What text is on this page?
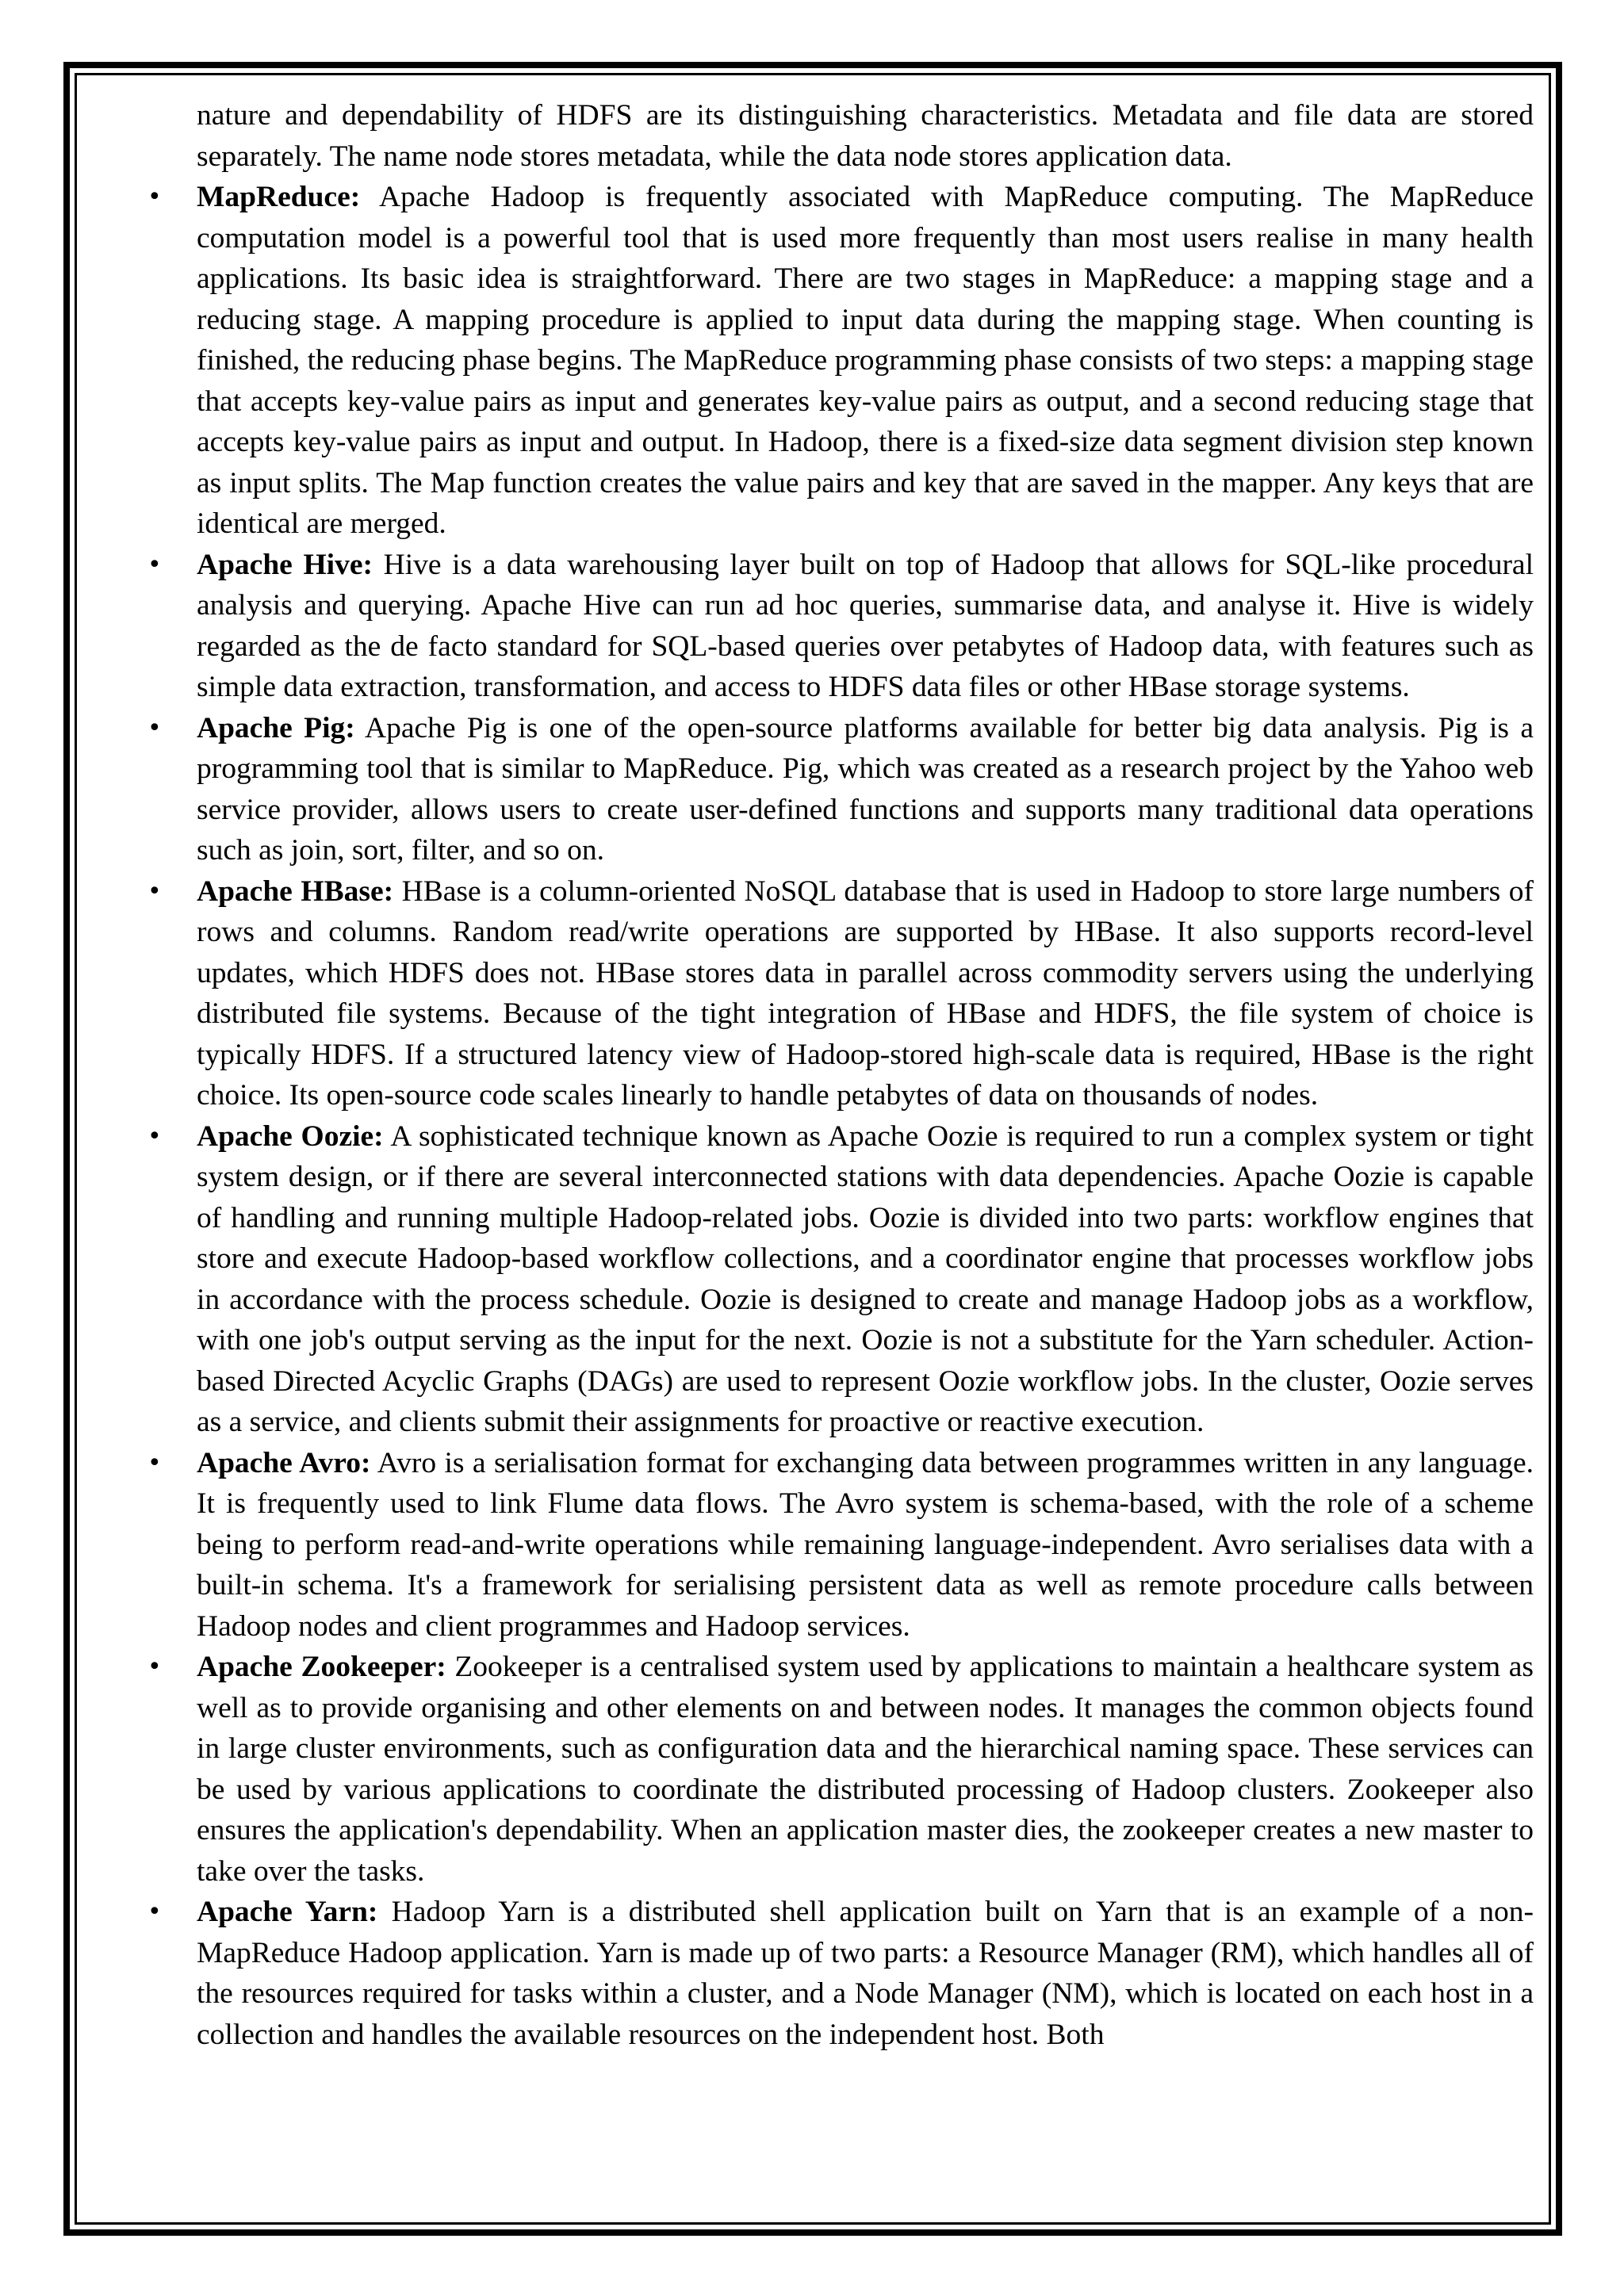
nature and dependability of HDFS are its distinguishing characteristics. Metadata and file data are stored separately. The name node stores metadata, while the data node stores application data.

• MapReduce: Apache Hadoop is frequently associated with MapReduce computing. The MapReduce computation model is a powerful tool that is used more frequently than most users realise in many health applications. Its basic idea is straightforward. There are two stages in MapReduce: a mapping stage and a reducing stage. A mapping procedure is applied to input data during the mapping stage. When counting is finished, the reducing phase begins. The MapReduce programming phase consists of two steps: a mapping stage that accepts key-value pairs as input and generates key-value pairs as output, and a second reducing stage that accepts key-value pairs as input and output. In Hadoop, there is a fixed-size data segment division step known as input splits. The Map function creates the value pairs and key that are saved in the mapper. Any keys that are identical are merged.
• Apache Hive: Hive is a data warehousing layer built on top of Hadoop that allows for SQL-like procedural analysis and querying. Apache Hive can run ad hoc queries, summarise data, and analyse it. Hive is widely regarded as the de facto standard for SQL-based queries over petabytes of Hadoop data, with features such as simple data extraction, transformation, and access to HDFS data files or other HBase storage systems.
• Apache Pig: Apache Pig is one of the open-source platforms available for better big data analysis. Pig is a programming tool that is similar to MapReduce. Pig, which was created as a research project by the Yahoo web service provider, allows users to create user-defined functions and supports many traditional data operations such as join, sort, filter, and so on.
• Apache HBase: HBase is a column-oriented NoSQL database that is used in Hadoop to store large numbers of rows and columns. Random read/write operations are supported by HBase. It also supports record-level updates, which HDFS does not. HBase stores data in parallel across commodity servers using the underlying distributed file systems. Because of the tight integration of HBase and HDFS, the file system of choice is typically HDFS. If a structured latency view of Hadoop-stored high-scale data is required, HBase is the right choice. Its open-source code scales linearly to handle petabytes of data on thousands of nodes.
• Apache Oozie: A sophisticated technique known as Apache Oozie is required to run a complex system or tight system design, or if there are several interconnected stations with data dependencies. Apache Oozie is capable of handling and running multiple Hadoop-related jobs. Oozie is divided into two parts: workflow engines that store and execute Hadoop-based workflow collections, and a coordinator engine that processes workflow jobs in accordance with the process schedule. Oozie is designed to create and manage Hadoop jobs as a workflow, with one job's output serving as the input for the next. Oozie is not a substitute for the Yarn scheduler. Action-based Directed Acyclic Graphs (DAGs) are used to represent Oozie workflow jobs. In the cluster, Oozie serves as a service, and clients submit their assignments for proactive or reactive execution.
• Apache Avro: Avro is a serialisation format for exchanging data between programmes written in any language. It is frequently used to link Flume data flows. The Avro system is schema-based, with the role of a scheme being to perform read-and-write operations while remaining language-independent. Avro serialises data with a built-in schema. It's a framework for serialising persistent data as well as remote procedure calls between Hadoop nodes and client programmes and Hadoop services.
• Apache Zookeeper: Zookeeper is a centralised system used by applications to maintain a healthcare system as well as to provide organising and other elements on and between nodes. It manages the common objects found in large cluster environments, such as configuration data and the hierarchical naming space. These services can be used by various applications to coordinate the distributed processing of Hadoop clusters. Zookeeper also ensures the application's dependability. When an application master dies, the zookeeper creates a new master to take over the tasks.
• Apache Yarn: Hadoop Yarn is a distributed shell application built on Yarn that is an example of a non-MapReduce Hadoop application. Yarn is made up of two parts: a Resource Manager (RM), which handles all of the resources required for tasks within a cluster, and a Node Manager (NM), which is located on each host in a collection and handles the available resources on the independent host. Both
